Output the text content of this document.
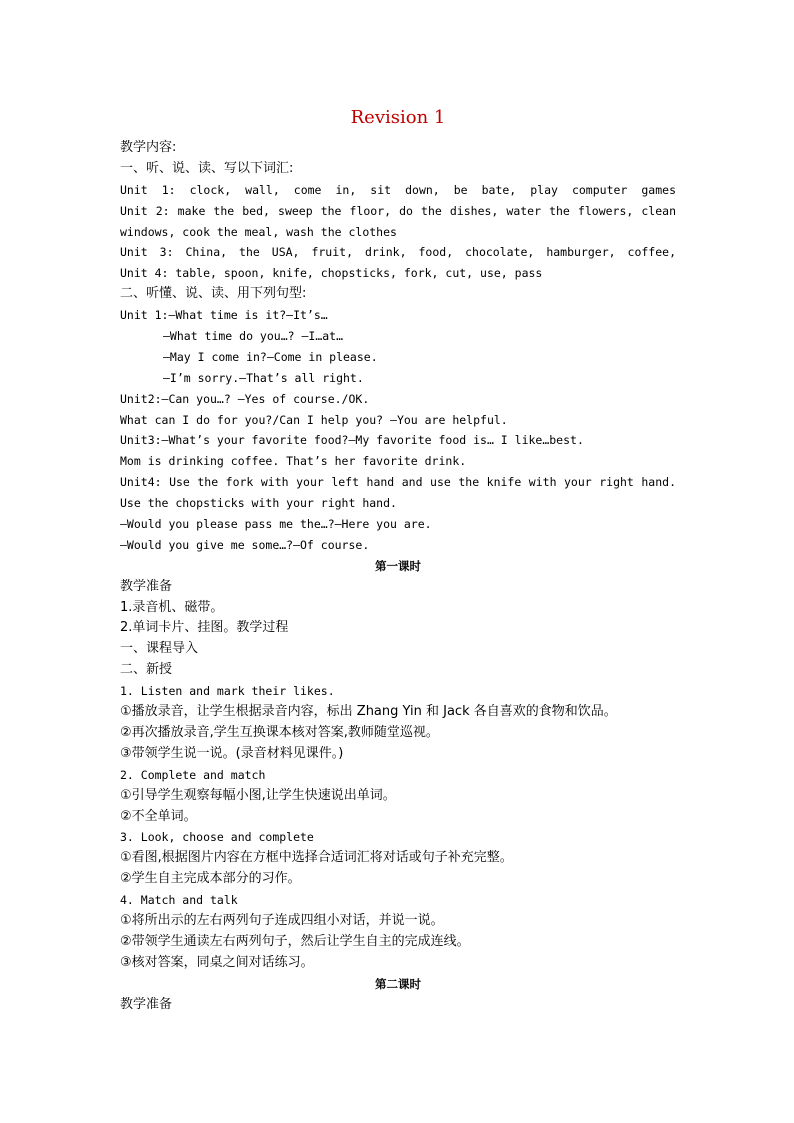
Revision 1
教学内容:
一、听、说、读、写以下词汇:
Unit 1: clock, wall, come in, sit down, be bate, play computer games
Unit 2: make the bed, sweep the floor, do the dishes, water the flowers, clean
windows, cook the meal, wash the clothes
Unit 3: China, the USA, fruit, drink, food, chocolate, hamburger, coffee,
Unit 4: table, spoon, knife, chopsticks, fork, cut, use, pass
二、听懂、说、读、用下列句型:
Unit 1:—What time is it?—It’s…
—What time do you…? —I…at…
—May I come in?—Come in please.
—I’m sorry.—That’s all right.
Unit2:—Can you…? —Yes of course./OK.
What can I do for you?/Can I help you? —You are helpful.
Unit3:—What’s your favorite food?—My favorite food is… I like…best.
Mom is drinking coffee. That’s her favorite drink.
Unit4: Use the fork with your left hand and use the knife with your right hand.
Use the chopsticks with your right hand.
—Would you please pass me the…?—Here you are.
—Would you give me some…?—Of course.
第一课时
教学准备
1.录音机、磁带。
2.单词卡片、挂图。教学过程
一、课程导入
二、新授
1. Listen and mark their likes.
①播放录音，让学生根据录音内容，标出 Zhang Yin 和 Jack 各自喜欢的食物和饮品。
②再次播放录音,学生互换课本核对答案,教师随堂巡视。
③带领学生说一说。(录音材料见课件。)
2. Complete and match
①引导学生观察每幅小图,让学生快速说出单词。
②不全单词。
3. Look, choose and complete
①看图,根据图片内容在方框中选择合适词汇将对话或句子补充完整。
②学生自主完成本部分的习作。
4. Match and talk
①将所出示的左右两列句子连成四组小对话，并说一说。
②带领学生通读左右两列句子，然后让学生自主的完成连线。
③核对答案，同桌之间对话练习。
第二课时
教学准备
